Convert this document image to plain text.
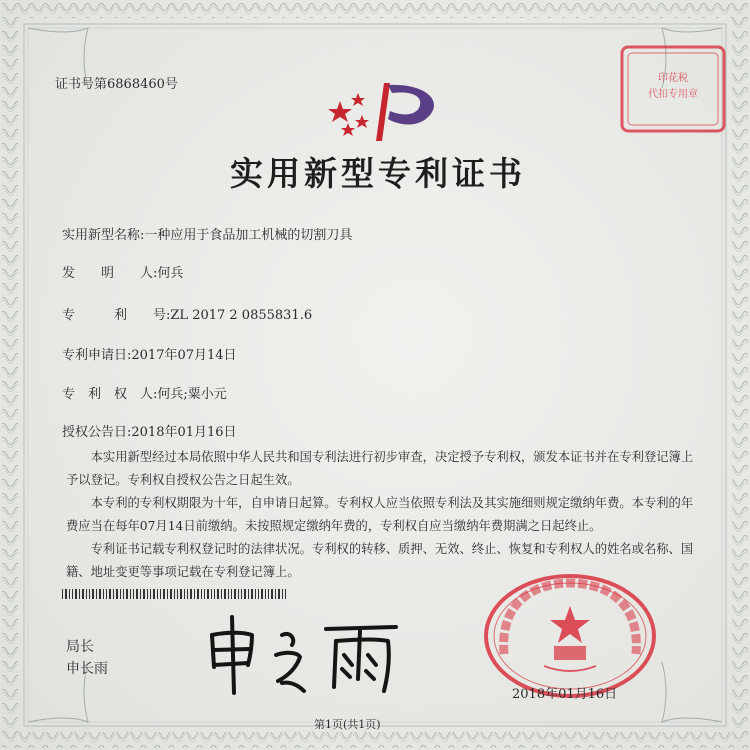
印花税
代扣专用章
证书号第6868460号
实用新型专利证书
实用新型名称:一种应用于食品加工机械的切割刀具
发　　明　　人:何兵
专　　　利　　号:ZL 2017 2 0855831.6
专利申请日:2017年07月14日
专　利　权　人:何兵;粟小元
授权公告日:2018年01月16日

本实用新型经过本局依照中华人民共和国专利法进行初步审查，决定授予专利权，颁发本证书并在专利登记簿上予以登记。专利权自授权公告之日起生效。

本专利的专利权期限为十年，自申请日起算。专利权人应当依照专利法及其实施细则规定缴纳年费。本专利的年费应当在每年07月14日前缴纳。未按照规定缴纳年费的，专利权自应当缴纳年费期满之日起终止。

专利证书记载专利权登记时的法律状况。专利权的转移、质押、无效、终止、恢复和专利权人的姓名或名称、国籍、地址变更等事项记载在专利登记簿上。

局长
申长雨
2018年01月16日
第1页(共1页)
